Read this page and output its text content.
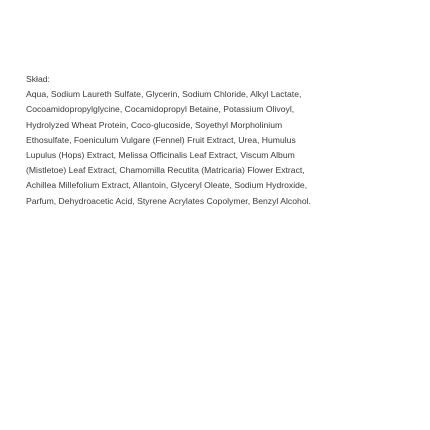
Skład:
Aqua, Sodium Laureth Sulfate, Glycerin, Sodium Chloride, Alkyl Lactate,
Cocoamidopropylglycine, Cocamidopropyl Betaine, Potassium Olivoyl,
Hydrolyzed Wheat Protein, Coco-glucoside, Soyethyl Morpholinium
Ethosulfate, Foeniculum Vulgare (Fennel) Fruit Extract, Urea, Humulus
Lupulus (Hops) Extract, Melissa Officinalis Leaf Extract, Viscum Album
(Mistletoe) Leaf Extract, Chamomilla Recutita (Matricaria) Flower Extract,
Achillea Millefolium Extract, Allantoin, Glyceryl Oleate, Sodium Hydroxide,
Parfum, Dehydroacetic Acid, Styrene Acrylates Copolymer, Benzyl Alcohol.
